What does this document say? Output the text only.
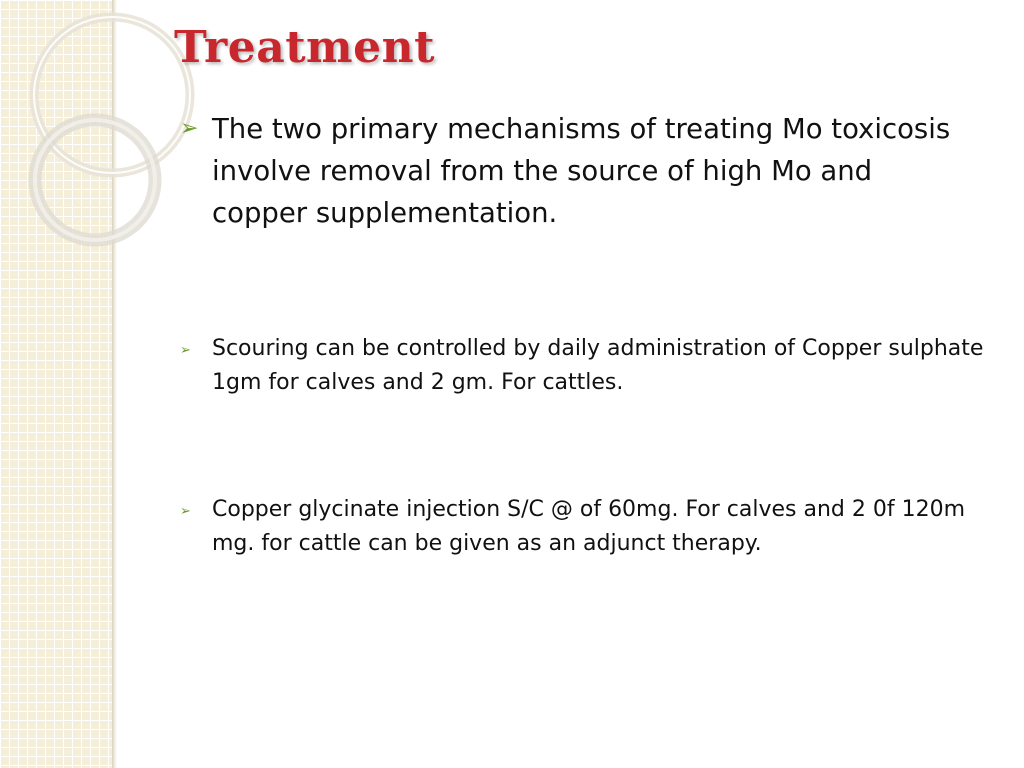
Treatment
➢ The two primary mechanisms of treating Mo toxicosis involve removal from the source of high Mo and copper supplementation.
➢ Scouring can be controlled by daily administration of Copper sulphate 1gm for calves and 2 gm. For cattles.
➢ Copper glycinate injection S/C @ of 60mg. For calves and 2 0f 120m mg. for cattle can be given as an adjunct therapy.
